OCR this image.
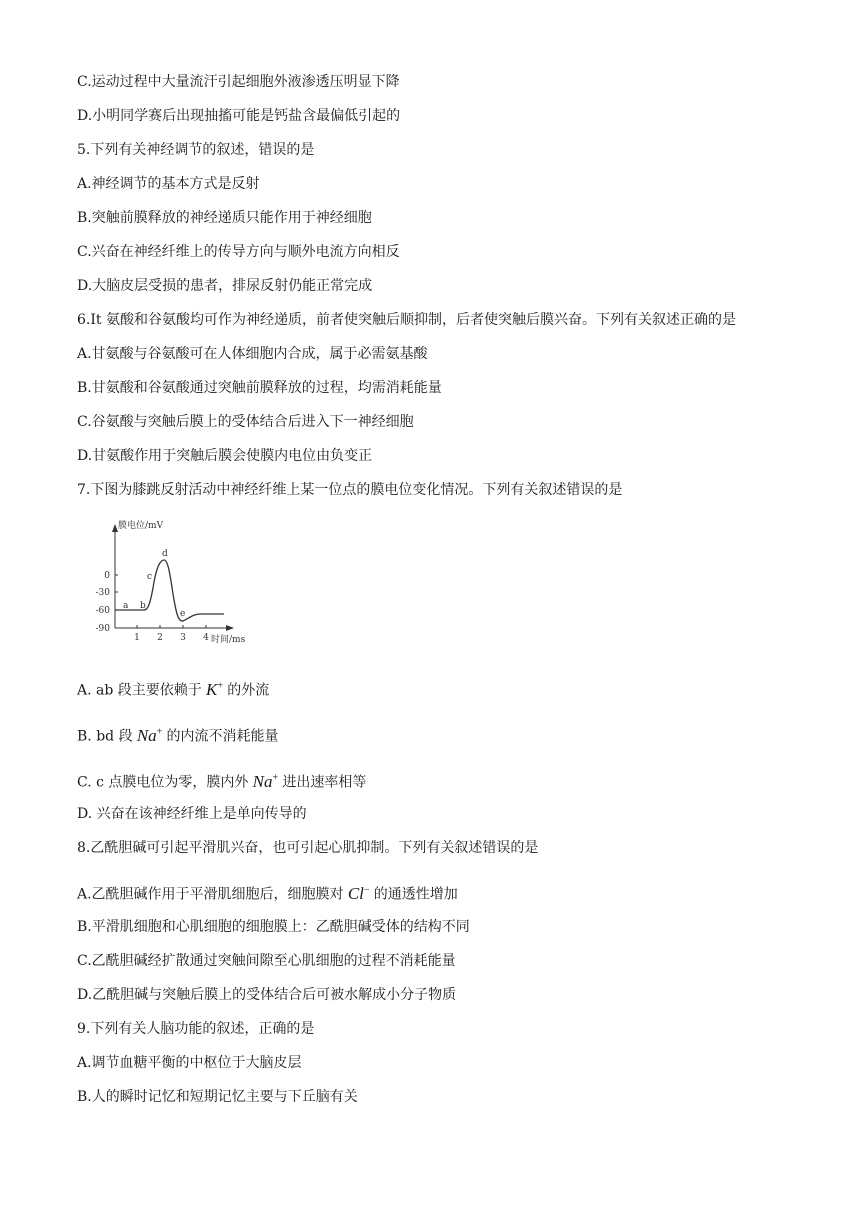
C.运动过程中大量流汗引起细胞外液渗透压明显下降
D.小明同学赛后出现抽搐可能是钙盐含最偏低引起的
5.下列有关神经调节的叙述，错误的是
A.神经调节的基本方式是反射
B.突触前膜释放的神经递质只能作用于神经细胞
C.兴奋在神经纤维上的传导方向与顺外电流方向相反
D.大脑皮层受损的患者，排尿反射仍能正常完成
6.It 氨酸和谷氨酸均可作为神经递质，前者使突触后顺抑制，后者使突触后膜兴奋。下列有关叙述正确的是
A.甘氨酸与谷氨酸可在人体细胞内合成，属于必需氨基酸
B.甘氨酸和谷氨酸通过突触前膜释放的过程，均需消耗能量
C.谷氨酸与突触后膜上的受体结合后进入下一神经细胞
D.甘氨酸作用于突触后膜会使膜内电位由负变正
7.下图为膝跳反射活动中神经纤维上某一位点的膜电位变化情况。下列有关叙述错误的是
膜电位/mV
时间/ms
0
-30
-60
-90
1 2 3 4
a b
c
d
e
A. ab 段主要依赖于 K+ 的外流
B. bd 段 Na+ 的内流不消耗能量
C. c 点膜电位为零，膜内外 Na+ 进出速率相等
D. 兴奋在该神经纤维上是单向传导的
8.乙酰胆碱可引起平滑肌兴奋，也可引起心肌抑制。下列有关叙述错误的是
A.乙酰胆碱作用于平滑肌细胞后，细胞膜对 Cl− 的通透性增加
B.平滑肌细胞和心肌细胞的细胞膜上：乙酰胆碱受体的结构不同
C.乙酰胆碱经扩散通过突触间隙至心肌细胞的过程不消耗能量
D.乙酰胆碱与突触后膜上的受体结合后可被水解成小分子物质
9.下列有关人脑功能的叙述，正确的是
A.调节血糖平衡的中枢位于大脑皮层
B.人的瞬时记忆和短期记忆主要与下丘脑有关
